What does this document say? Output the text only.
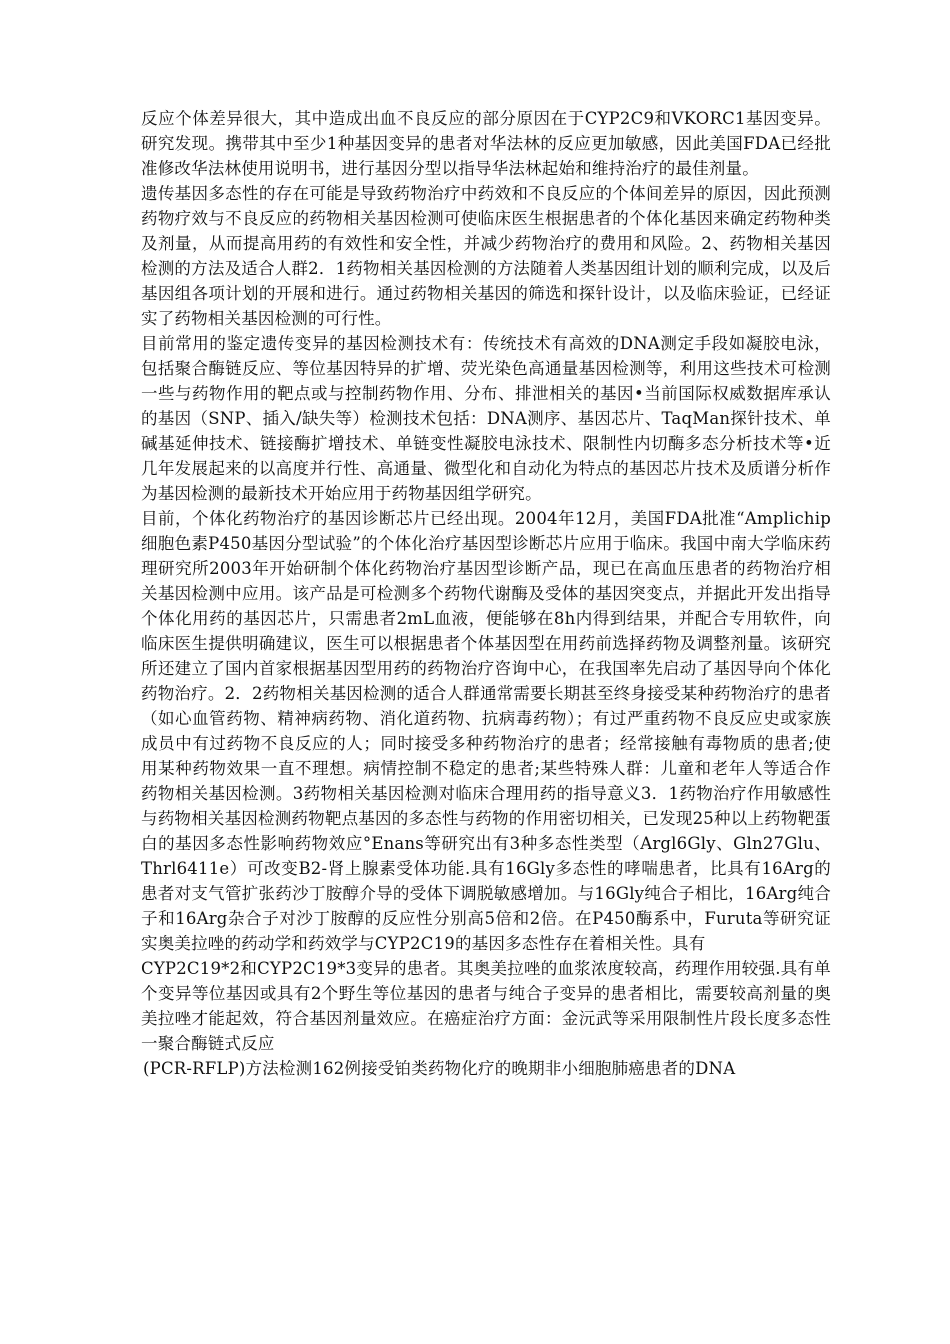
反应个体差异很大，其中造成出血不良反应的部分原因在于CYP2C9和VKORC1基因变异。研究发现。携带其中至少1种基因变异的患者对华法林的反应更加敏感，因此美国FDA已经批准修改华法林使用说明书，进行基因分型以指导华法林起始和维持治疗的最佳剂量。

遗传基因多态性的存在可能是导致药物治疗中药效和不良反应的个体间差异的原因，因此预测药物疗效与不良反应的药物相关基因检测可使临床医生根据患者的个体化基因来确定药物种类及剂量，从而提高用药的有效性和安全性，并减少药物治疗的费用和风险。2、药物相关基因检测的方法及适合人群2．1药物相关基因检测的方法随着人类基因组计划的顺利完成，以及后基因组各项计划的开展和进行。通过药物相关基因的筛选和探针设计，以及临床验证，已经证实了药物相关基因检测的可行性。

目前常用的鉴定遗传变异的基因检测技术有：传统技术有高效的DNA测定手段如凝胶电泳，包括聚合酶链反应、等位基因特异的扩增、荧光染色高通量基因检测等，利用这些技术可检测一些与药物作用的靶点或与控制药物作用、分布、排泄相关的基因•当前国际权威数据库承认的基因（SNP、插入/缺失等）检测技术包括：DNA测序、基因芯片、TaqMan探针技术、单碱基延伸技术、链接酶扩增技术、单链变性凝胶电泳技术、限制性内切酶多态分析技术等•近几年发展起来的以高度并行性、高通量、微型化和自动化为特点的基因芯片技术及质谱分析作为基因检测的最新技术开始应用于药物基因组学研究。

目前，个体化药物治疗的基因诊断芯片已经出现。2004年12月，美国FDA批准“Amplichip细胞色素P450基因分型试验”的个体化治疗基因型诊断芯片应用于临床。我国中南大学临床药理研究所2003年开始研制个体化药物治疗基因型诊断产品，现已在高血压患者的药物治疗相关基因检测中应用。该产品是可检测多个药物代谢酶及受体的基因突变点，并据此开发出指导个体化用药的基因芯片，只需患者2mL血液，便能够在8h内得到结果，并配合专用软件，向临床医生提供明确建议，医生可以根据患者个体基因型在用药前选择药物及调整剂量。该研究所还建立了国内首家根据基因型用药的药物治疗咨询中心，在我国率先启动了基因导向个体化药物治疗。2．2药物相关基因检测的适合人群通常需要长期甚至终身接受某种药物治疗的患者（如心血管药物、精神病药物、消化道药物、抗病毒药物）；有过严重药物不良反应史或家族成员中有过药物不良反应的人；同时接受多种药物治疗的患者；经常接触有毒物质的患者;使用某种药物效果一直不理想。病情控制不稳定的患者;某些特殊人群：儿童和老年人等适合作药物相关基因检测。3药物相关基因检测对临床合理用药的指导意义3．1药物治疗作用敏感性与药物相关基因检测药物靶点基因的多态性与药物的作用密切相关，已发现25种以上药物靶蛋白的基因多态性影响药物效应°Enans等研究出有3种多态性类型（Argl6Gly、Gln27Glu、Thrl6411e）可改变B2-肾上腺素受体功能.具有16Gly多态性的哮喘患者，比具有16Arg的患者对支气管扩张药沙丁胺醇介导的受体下调脱敏感增加。与16Gly纯合子相比，16Arg纯合子和16Arg杂合子对沙丁胺醇的反应性分别高5倍和2倍。在P450酶系中，Furuta等研究证实奥美拉唑的药动学和药效学与CYP2C19的基因多态性存在着相关性。具有

CYP2C19*2和CYP2C19*3变异的患者。其奥美拉唑的血浆浓度较高，药理作用较强.具有单个变异等位基因或具有2个野生等位基因的患者与纯合子变异的患者相比，需要较高剂量的奥美拉唑才能起效，符合基因剂量效应。在癌症治疗方面：金沅武等采用限制性片段长度多态性一聚合酶链式反应

(PCR-RFLP)方法检测162例接受铂类药物化疗的晚期非小细胞肺癌患者的DNA
